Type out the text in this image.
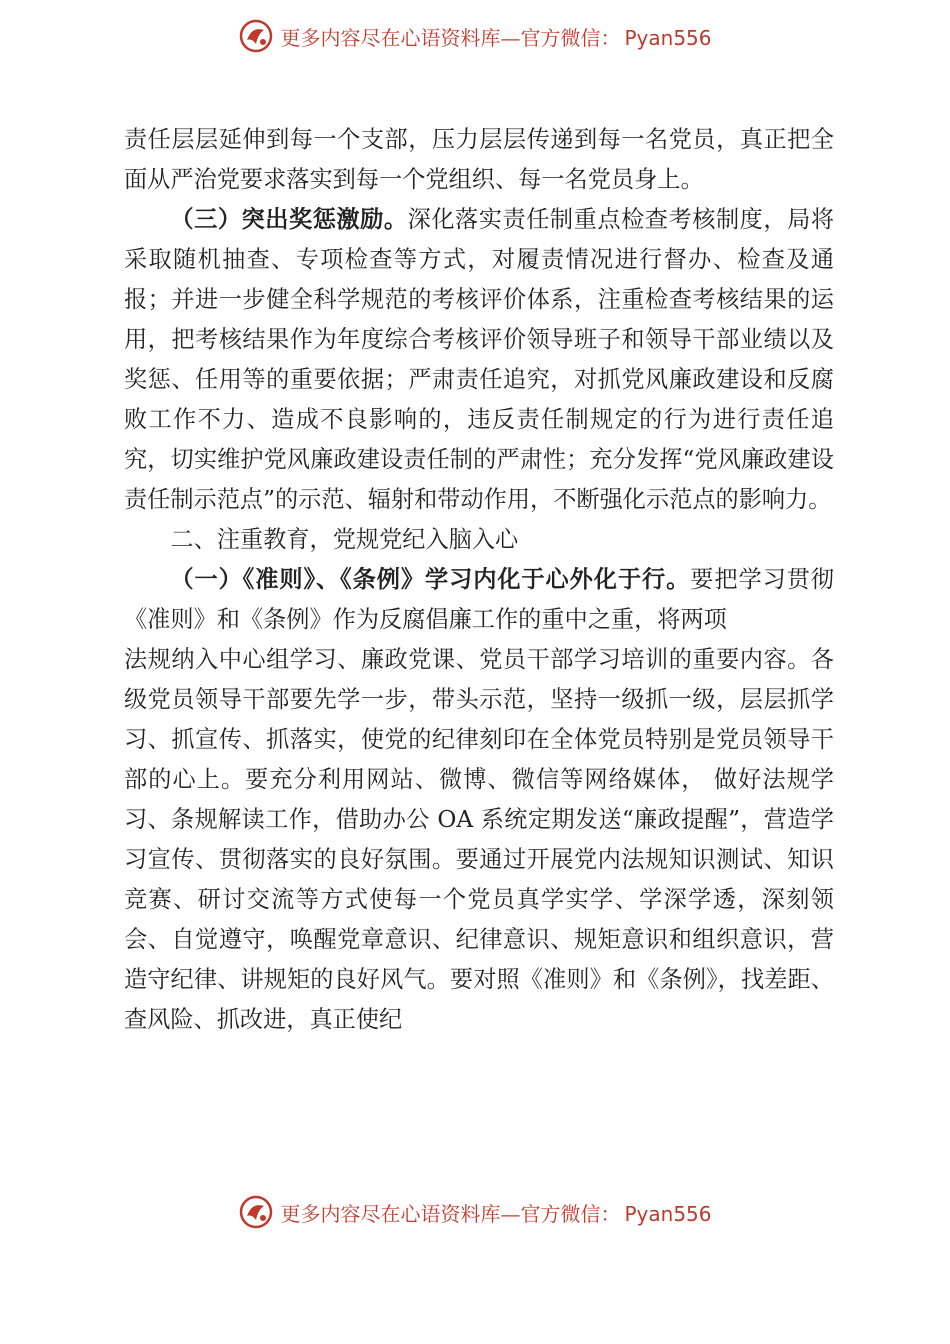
更多内容尽在心语资料库—官方微信： Pyan556

责任层层延伸到每一个支部，压力层层传递到每一名党员，真正把全面从严治党要求落实到每一个党组织、每一名党员身上。

（三）突出奖惩激励。深化落实责任制重点检查考核制度，局将采取随机抽查、专项检查等方式，对履责情况进行督办、检查及通报；并进一步健全科学规范的考核评价体系，注重检查考核结果的运用，把考核结果作为年度综合考核评价领导班子和领导干部业绩以及奖惩、任用等的重要依据；严肃责任追究，对抓党风廉政建设和反腐败工作不力、造成不良影响的，违反责任制规定的行为进行责任追究，切实维护党风廉政建设责任制的严肃性；充分发挥“党风廉政建设责任制示范点”的示范、辐射和带动作用，不断强化示范点的影响力。

二、注重教育，党规党纪入脑入心

（一）《准则》、《条例》学习内化于心外化于行。要把学习贯彻《准则》和《条例》作为反腐倡廉工作的重中之重，将两项

法规纳入中心组学习、廉政党课、党员干部学习培训的重要内容。各级党员领导干部要先学一步，带头示范，坚持一级抓一级，层层抓学习、抓宣传、抓落实，使党的纪律刻印在全体党员特别是党员领导干部的心上。要充分利用网站、微博、微信等网络媒体， 做好法规学习、条规解读工作，借助办公 OA 系统定期发送“廉政提醒”，营造学习宣传、贯彻落实的良好氛围。要通过开展党内法规知识测试、知识竞赛、研讨交流等方式使每一个党员真学实学、学深学透，深刻领会、自觉遵守，唤醒党章意识、纪律意识、规矩意识和组织意识，营造守纪律、讲规矩的良好风气。要对照《准则》和《条例》，找差距、查风险、抓改进，真正使纪

更多内容尽在心语资料库—官方微信： Pyan556
